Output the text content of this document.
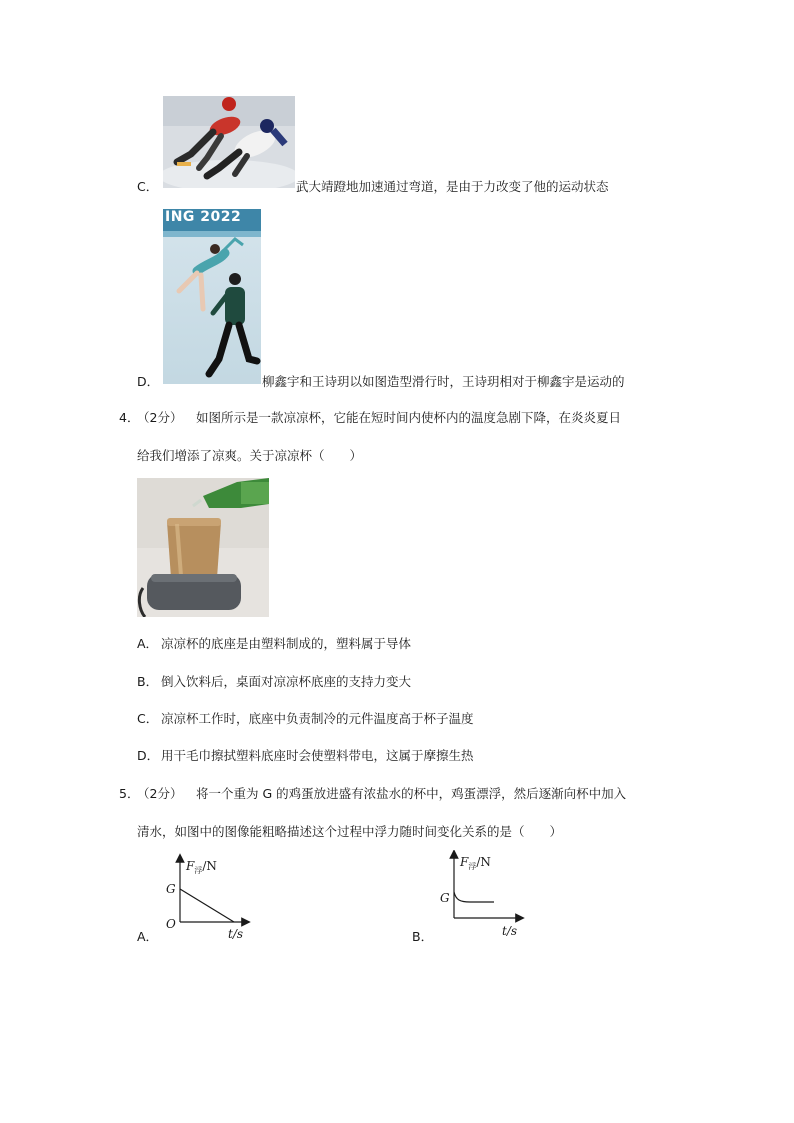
C．	武大靖蹬地加速通过弯道，是由于力改变了他的运动状态
ING 2022
D．	柳鑫宇和王诗玥以如图造型滑行时，王诗玥相对于柳鑫宇是运动的
4．
（2分） 如图所示是一款凉凉杯，它能在短时间内使杯内的温度急剧下降，在炎炎夏日
给我们增添了凉爽。关于凉凉杯（　　）
A． 凉凉杯的底座是由塑料制成的，塑料属于导体
B． 倒入饮料后，桌面对凉凉杯底座的支持力变大
C． 凉凉杯工作时，底座中负责制冷的元件温度高于杯子温度
D． 用干毛巾擦拭塑料底座时会使塑料带电，这属于摩擦生热
5．
（2分） 将一个重为 G 的鸡蛋放进盛有浓盐水的杯中，鸡蛋漂浮，然后逐渐向杯中加入
清水，如图中的图像能粗略描述这个过程中浮力随时间变化关系的是（　　）
A．
$F_浮/N$
G
O
t/s	B．
$F_浮/N$
G
t/s
